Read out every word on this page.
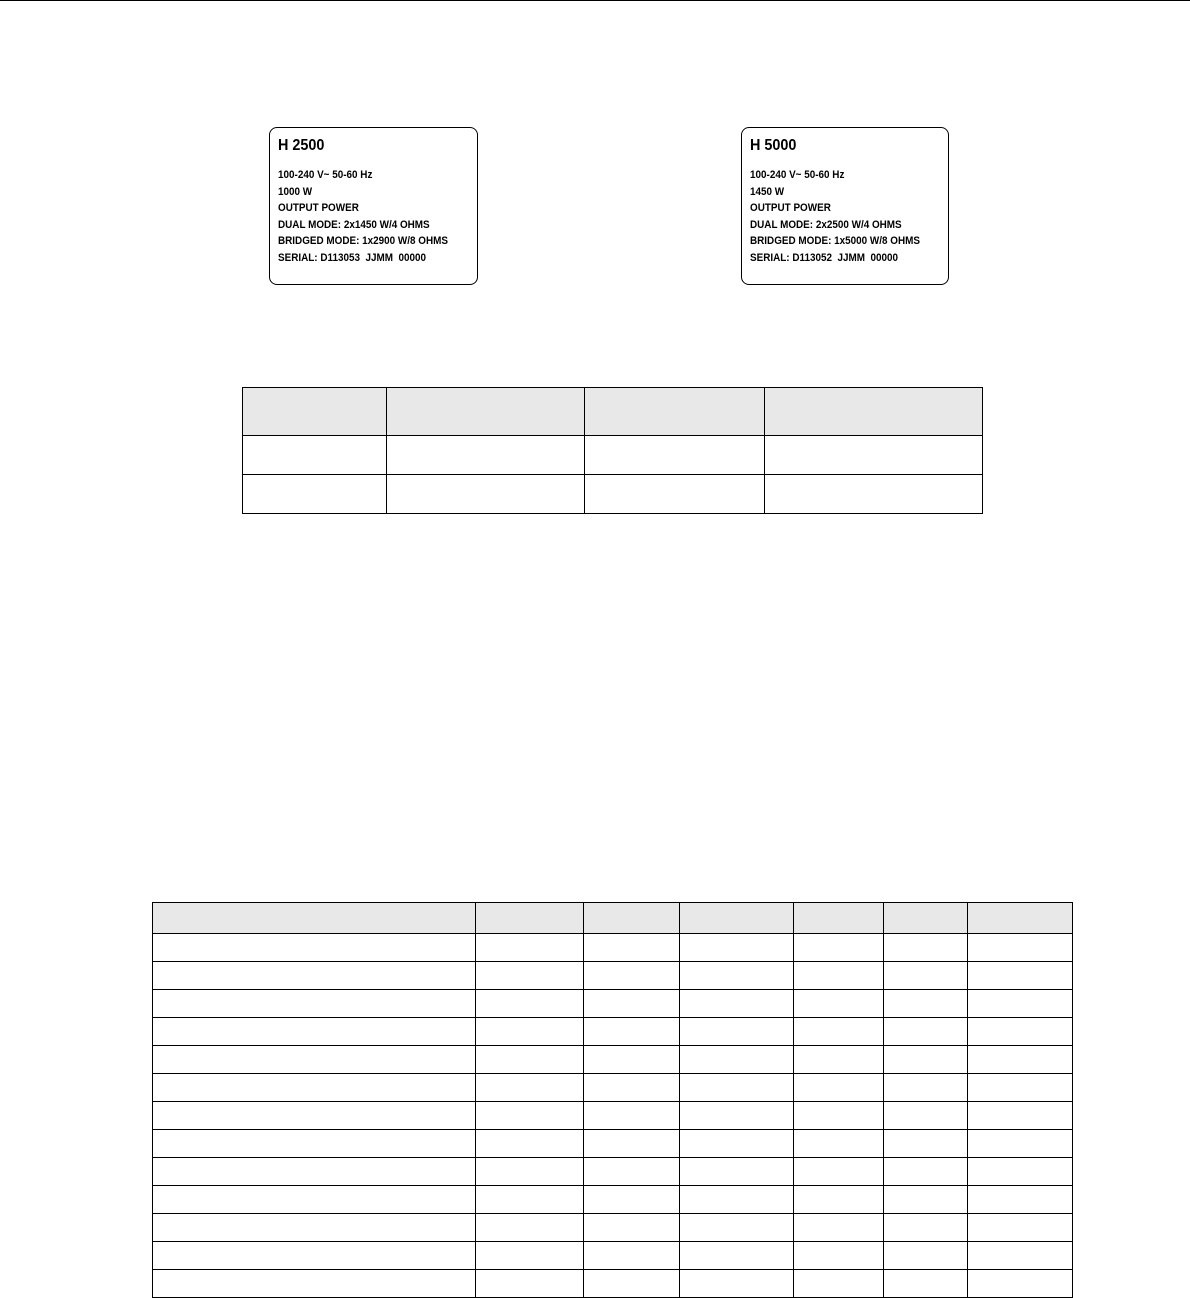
H 2500
100-240 V~ 50-60 Hz
1000 W
OUTPUT POWER
DUAL MODE: 2x1450 W/4 OHMS
BRIDGED MODE: 1x2900 W/8 OHMS
SERIAL: D113053  JJMM  00000
H 5000
100-240 V~ 50-60 Hz
1450 W
OUTPUT POWER
DUAL MODE: 2x2500 W/4 OHMS
BRIDGED MODE: 1x5000 W/8 OHMS
SERIAL: D113052  JJMM  00000
